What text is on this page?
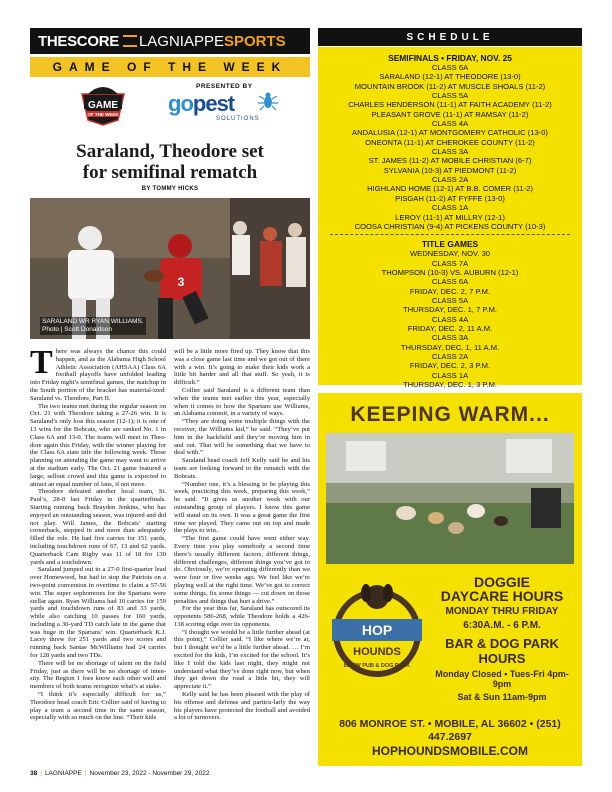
THESCORE LAGNIAPPE SPORTS
GAME OF THE WEEK
GAME
OF THE WEEK
PRESENTED BY
go pest
SOLUTIONS
Saraland, Theodore set
for semifinal rematch
BY TOMMY HICKS
3
SARALAND WR RYAN WILLIAMS.
Photo | Scott Donaldson

There was always the chance this could happen, and as the Alabama High School Athletic Association (AHSAA) Class 6A football playoffs have unfolded leading into Friday night’s semifinal games, the matchup in the South portion of the bracket has material-ized: Saraland vs. Theodore, Part II.

The two teams met during the regular season on Oct. 21 with Theodore taking a 27-26 win. It is Saraland’s only loss this season (12-1); it is one of 13 wins for the Bobcats, who are ranked No. 1 in Class 6A and 13-0. The teams will meet in Theo-dore again this Friday, with the winner playing for the Class 6A state title the following week. Those planning on attending the game may want to arrive at the stadium early. The Oct. 21 game featured a large, sellout crowd and this game is expected to attract an equal number of fans, if not more.

Theodore defeated another local team, St. Paul’s, 28-0 last Friday in the quarterfinals. Starting running back Brayden Jenkins, who has enjoyed an outstanding season, was injured and did not play. Will James, the Bobcats’ starting cornerback, stepped in and more than adequately filled the role. He had five carries for 151 yards, including touchdown runs of 67, 13 and 62 yards. Quarterback Cam Rigby was 11 of 18 for 130 yards and a touchdown.

Saraland jumped out to a 27-0 first-quarter lead over Homewood, but had to stop the Patriots on a two-point conversion in overtime to claim a 57-56 win. The super sophomores for the Spartans were stellar again. Ryan Williams had 10 carries for 159 yards and touchdown runs of 83 and 33 yards, while also catching 10 passes for 160 yards, including a 30-yard TD catch late in the game that was huge in the Spartans’ win. Quarterback K.J. Lacey threw for 251 yards and two scores and running back Santae McWilliams had 24 carries for 128 yards and two TDs.

There will be no shortage of talent on the field Friday, just as there will be no shortage of inten-sity. The Region 1 foes know each other well and members of both teams recognize what’s at stake.

“I think it’s especially difficult for us,” Theodore head coach Eric Collier said of having to play a team a second time in the same season, especially with so much on the line. “Their kids

will be a little more fired up. They know that this was a close game last time and we got out of there with a win. It’s going to make their kids work a little bit harder and all that stuff. So yeah, it is difficult.”

Collier said Saraland is a different team than when the teams met earlier this year, especially when it comes to how the Spartans use Williams, an Alabama commit, in a variety of ways.

“They are doing some multiple things with the receiver, the Williams kid,” he said. “They’ve put him in the backfield and they’re moving him in and out. That will be something that we have to deal with.”

Saraland head coach Jeff Kelly said he and his team are looking forward to the rematch with the Bobcats.

“Number one, it’s a blessing to be playing this week, practicing this week, preparing this week,” he said. “It gives us another week with our outstanding group of players. I know this game will stand on its own. It was a great game the first time we played. They came out on top and made the plays to win.

“The first game could have went either way. Every time you play somebody a second time there’s usually different factors, different things, different challenges, different things you’ve got to do. Obviously, we’re operating differently than we were four or five weeks ago. We feel like we’re playing well at the right time. We’ve got to correct some things, fix some things — cut down on those penalties and things that hurt a drive.”

For the year thus far, Saraland has outscored its opponents 586-268, while Theodore holds a 426-138 scoring edge over its opponents.

“I thought we would be a little further ahead (at this point),” Collier said. “I like where we’re at, but I thought we’d be a little further ahead. … I’m excited for the kids, I’m excited for the school. It’s like I told the kids last night, they might not understand what they’ve done right now, but when they get down the road a little bit, they will appreciate it.”

Kelly said he has been pleased with the play of his offense and defense and particu-larly the way his players have protected the football and avoided a lot of turnovers.

38 | LAGNIAPPE | November 23, 2022 - November 29, 2022
SCHEDULE
SEMIFINALS • FRIDAY, NOV. 25
CLASS 6A
SARALAND (12-1) AT THEODORE (13-0)
MOUNTAIN BROOK (11-2) AT MUSCLE SHOALS (11-2)
CLASS 5A
CHARLES HENDERSON (11-1) AT FAITH ACADEMY (11-2)
PLEASANT GROVE (11-1) AT RAMSAY (11-2)
CLASS 4A
ANDALUSIA (12-1) AT MONTGOMERY CATHOLIC (13-0)
ONEONTA (11-1) AT CHEROKEE COUNTY (11-2)
CLASS 3A
ST. JAMES (11-2) AT MOBILE CHRISTIAN (6-7)
SYLVANIA (10-3) AT PIEDMONT (11-2)
CLASS 2A
HIGHLAND HOME (12-1) AT B.B. COMER (11-2)
PISGAH (11-2) AT FYFFE (13-0)
CLASS 1A
LEROY (11-1) AT MILLRY (12-1)
COOSA CHRISTIAN (9-4) AT PICKENS COUNTY (10-3)
TITLE GAMES
WEDNESDAY, NOV. 30
CLASS 7A
THOMPSON (10-3) VS. AUBURN (12-1)
CLASS 6A
FRIDAY, DEC. 2, 7 P.M.
CLASS 5A
THURSDAY, DEC. 1, 7 P.M.
CLASS 4A
FRIDAY, DEC. 2, 11 A.M.
CLASS 3A
THURSDAY, DEC. 1, 11 A.M.
CLASS 2A
FRIDAY, DEC. 2, 3 P.M.
CLASS 1A
THURSDAY, DEC. 1, 3 P.M.
KEEPING WARM...
HOP
HOUNDS
BREW PUB & DOG PARK
DOGGIE
DAYCARE HOURS
MONDAY THRU FRIDAY
6:30A.M. - 6 P.M.
BAR & DOG PARK HOURS
Monday Closed • Tues-Fri 4pm-9pm
Sat & Sun 11am-9pm
806 MONROE ST. • MOBILE, AL 36602 • (251) 447.2697
HOPHOUNDSMOBILE.COM
